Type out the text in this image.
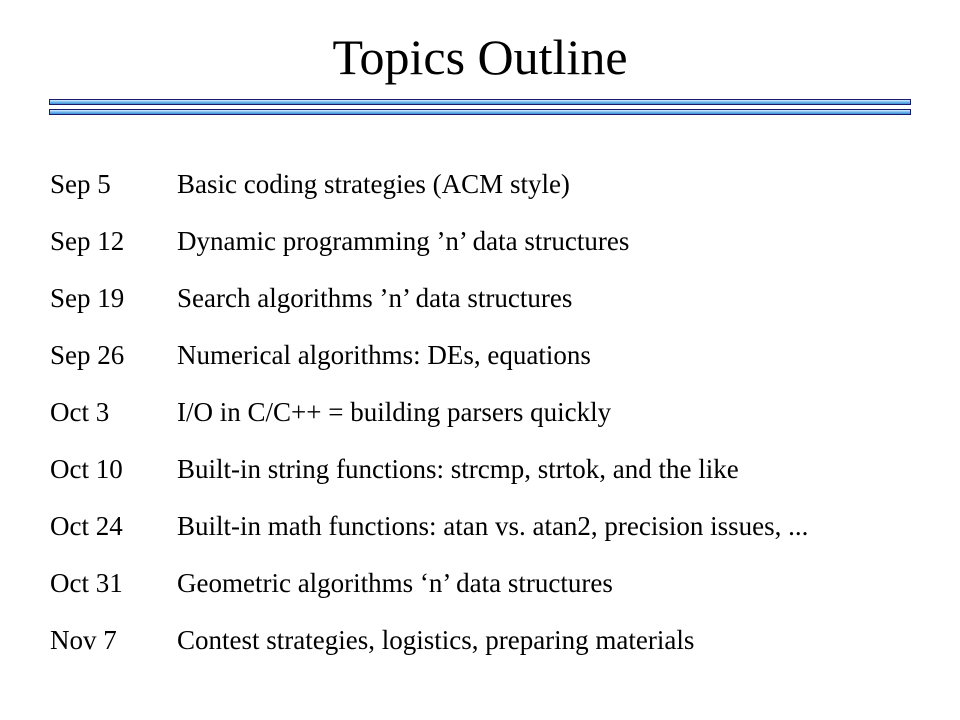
Topics Outline
Sep 5 Basic coding strategies (ACM style)
Sep 12 Dynamic programming ’n’ data structures
Sep 19 Search algorithms ’n’ data structures
Sep 26 Numerical algorithms: DEs, equations
Oct 3	I/O in C/C++ = building parsers quickly
Oct 10 Built-in string functions: strcmp, strtok, and the like
Oct 24 Built-in math functions: atan vs. atan2, precision issues, ...
Oct 31 Geometric algorithms ‘n’ data structures
Nov 7 Contest strategies, logistics, preparing materials
